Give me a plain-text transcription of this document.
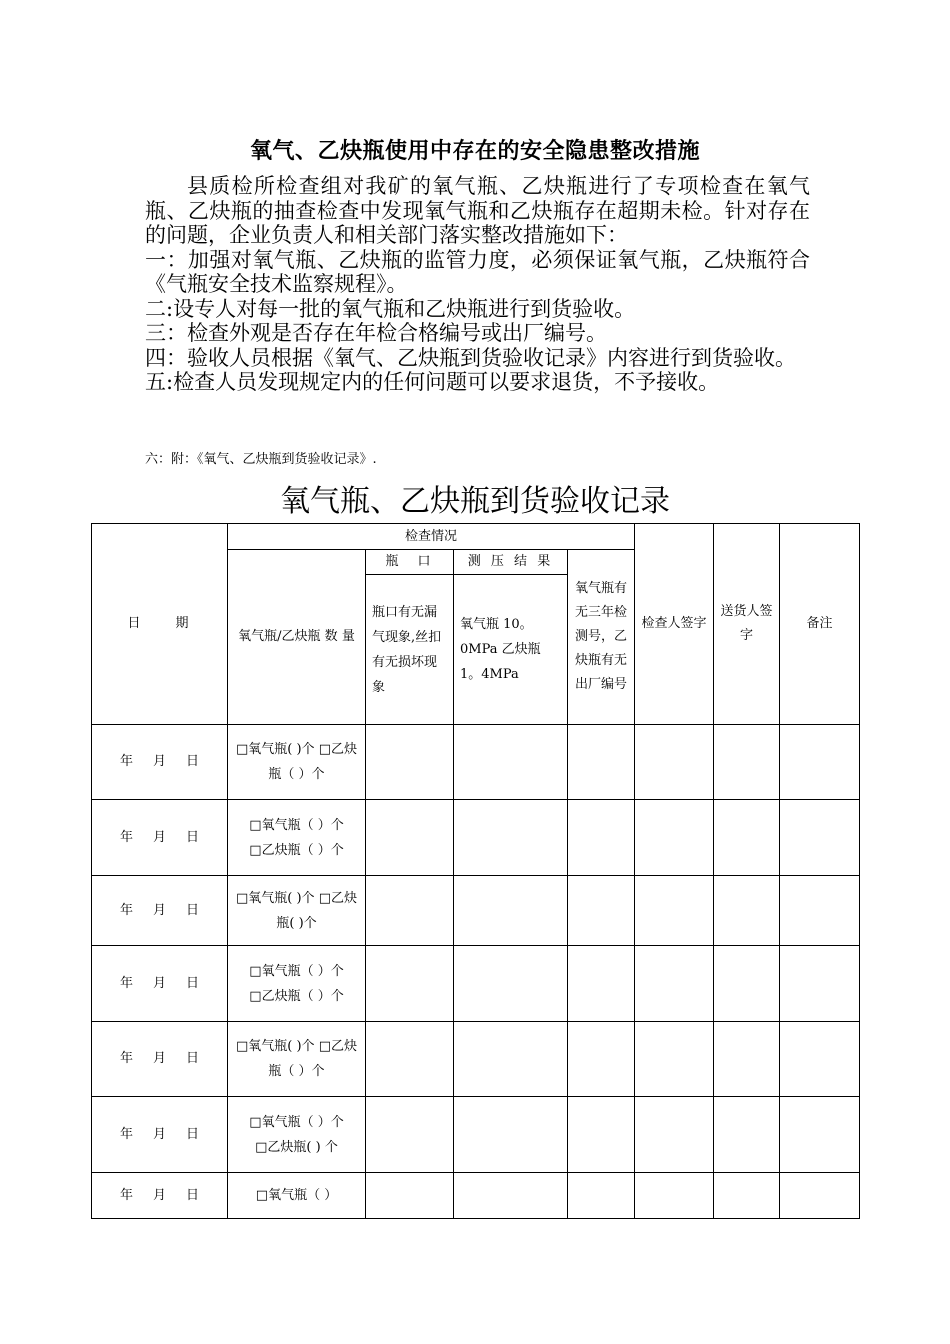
氧气、乙炔瓶使用中存在的安全隐患整改措施

县质检所检查组对我矿的氧气瓶、乙炔瓶进行了专项检查在氧气瓶、乙炔瓶的抽查检查中发现氧气瓶和乙炔瓶存在超期未检。针对存在的问题，企业负责人和相关部门落实整改措施如下：

一：加强对氧气瓶、乙炔瓶的监管力度，必须保证氧气瓶，乙炔瓶符合《气瓶安全技术监察规程》。

二:设专人对每一批的氧气瓶和乙炔瓶进行到货验收。

三：检查外观是否存在年检合格编号或出厂编号。

四：验收人员根据《氧气、乙炔瓶到货验收记录》内容进行到货验收。

五:检查人员发现规定内的任何问题可以要求退货，不予接收。

六：附：《氧气、乙炔瓶到货验收记录》.
氧气瓶、乙炔瓶到货验收记录
日　　期	检查情况				检查人签字	送货人签字	备注
	氧气瓶/乙炔瓶 数 量	瓶　口	测 压 结 果	氧气瓶有无三年检测号，乙炔瓶有无出厂编号			
		瓶口有无漏气现象,丝扣有无损坏现象	氧气瓶 10。0MPa 乙炔瓶 1。4MPa				
年 月 日	□氧气瓶( )个 □乙炔瓶（ ）个						
年 月 日	□氧气瓶（ ）个　　□乙炔瓶（ ）个						
年 月 日	□氧气瓶( )个 □乙炔瓶( )个						
年 月 日	□氧气瓶（ ）个　　□乙炔瓶（ ）个						
年 月 日	□氧气瓶( )个 □乙炔瓶（ ）个						
年 月 日	□氧气瓶（ ）个　　□乙炔瓶( ) 个						
年 月 日	□氧气瓶（ ）						
